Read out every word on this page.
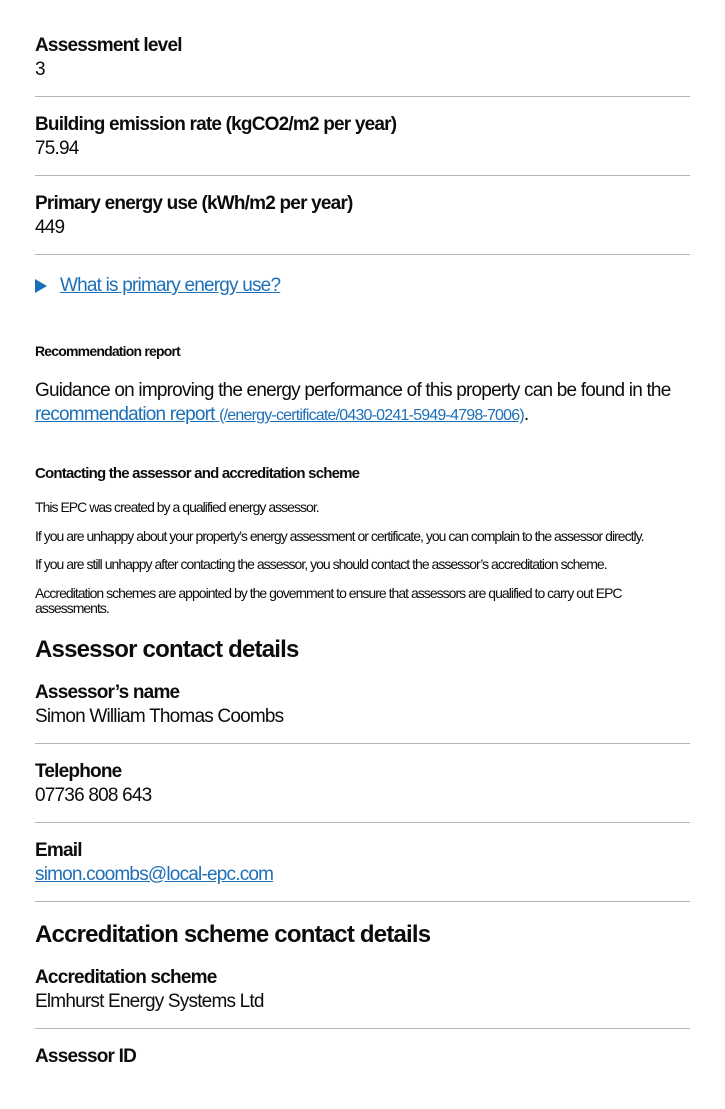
Assessment level

3

Building emission rate (kgCO2/m2 per year)

75.94

Primary energy use (kWh/m2 per year)

449

What is primary energy use?
Recommendation report

Guidance on improving the energy performance of this property can be found in the recommendation report (/energy-certificate/0430-0241-5949-4798-7006).

Contacting the assessor and accreditation scheme

This EPC was created by a qualified energy assessor.

If you are unhappy about your property’s energy assessment or certificate, you can complain to the assessor directly.

If you are still unhappy after contacting the assessor, you should contact the assessor’s accreditation scheme.

Accreditation schemes are appointed by the government to ensure that assessors are qualified to carry out EPC assessments.

Assessor contact details

Assessor’s name

Simon William Thomas Coombs

Telephone

07736 808 643

Email

simon.coombs@local-epc.com

Accreditation scheme contact details

Accreditation scheme

Elmhurst Energy Systems Ltd

Assessor ID
